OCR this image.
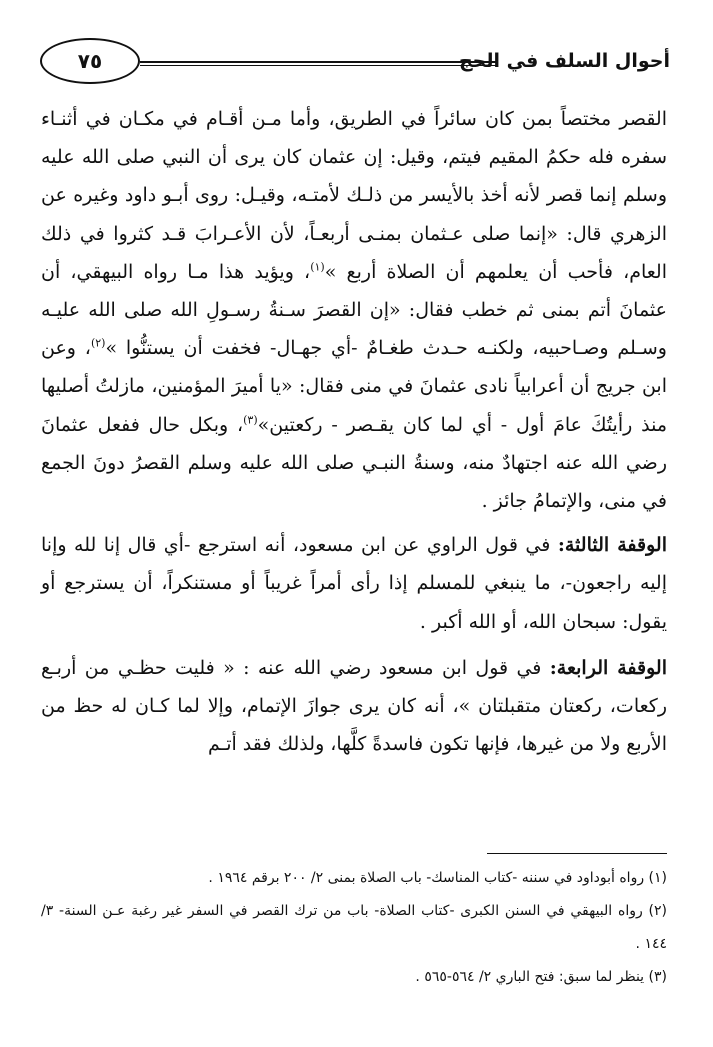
أحوال السلف في الحج
٧٥

القصر مختصاً بمن كان سائراً في الطريق، وأما مـن أقـام في مكـان في أثنـاء سفره فله حكمُ المقيم فيتم، وقيل: إن عثمان كان يرى أن النبي صلى الله عليه وسلم إنما قصر لأنه أخذ بالأيسر من ذلـك لأمتـه، وقيـل: روى أبـو داود وغيره عن الزهري قال: «إنما صلى عـثمان بمنـى أربعـاً، لأن الأعـرابَ قـد كثروا في ذلك العام، فأحب أن يعلمهم أن الصلاة أربع »$^{(١)}$، ويؤيد هذا مـا رواه البيهقي، أن عثمانَ أتم بمنى ثم خطب فقال: «إن القصرَ سـنةُ رسـولِ الله صلى الله عليـه وسـلم وصـاحبيه، ولكنـه حـدث طغـامٌ -أي جهـال- فخفت أن يستنُّوا »$^{(٢)}$، وعن ابن جريج أن أعرابياً نادى عثمانَ في منى فقال: «يا أميرَ المؤمنين، مازلتُ أصليها منذ رأيتُكَ عامَ أول - أي لما كان يقـصر - ركعتين»$^{(٣)}$، وبكل حال ففعل عثمانَ رضي الله عنه اجتهادٌ منه، وسنةُ النبـي صلى الله عليه وسلم القصرُ دونَ الجمع في منى، والإتمامُ جائز .

الوقفة الثالثة: في قول الراوي عن ابن مسعود، أنه استرجع -أي قال إنا لله وإنا إليه راجعون-، ما ينبغي للمسلم إذا رأى أمراً غريباً أو مستنكراً، أن يسترجع أو يقول: سبحان الله، أو الله أكبر .

الوقفة الرابعة: في قول ابن مسعود رضي الله عنه : « فليت حظـي من أربـع ركعات، ركعتان متقبلتان »، أنه كان يرى جوازَ الإتمام، وإلا لما كـان له حظ من الأربع ولا من غيرها، فإنها تكون فاسدةً كلَّها، ولذلك فقد أتـم

(١) رواه أبوداود في سننه -كتاب المناسك- باب الصلاة بمنى ٢/ ٢٠٠ برقم ١٩٦٤ .

(٢) رواه البيهقي في السنن الكبرى -كتاب الصلاة- باب من ترك القصر في السفر غير رغبة عـن السنة- ٣/ ١٤٤ .

(٣) ينظر لما سبق: فتح الباري ٢/ ٥٦٤-٥٦٥ .
